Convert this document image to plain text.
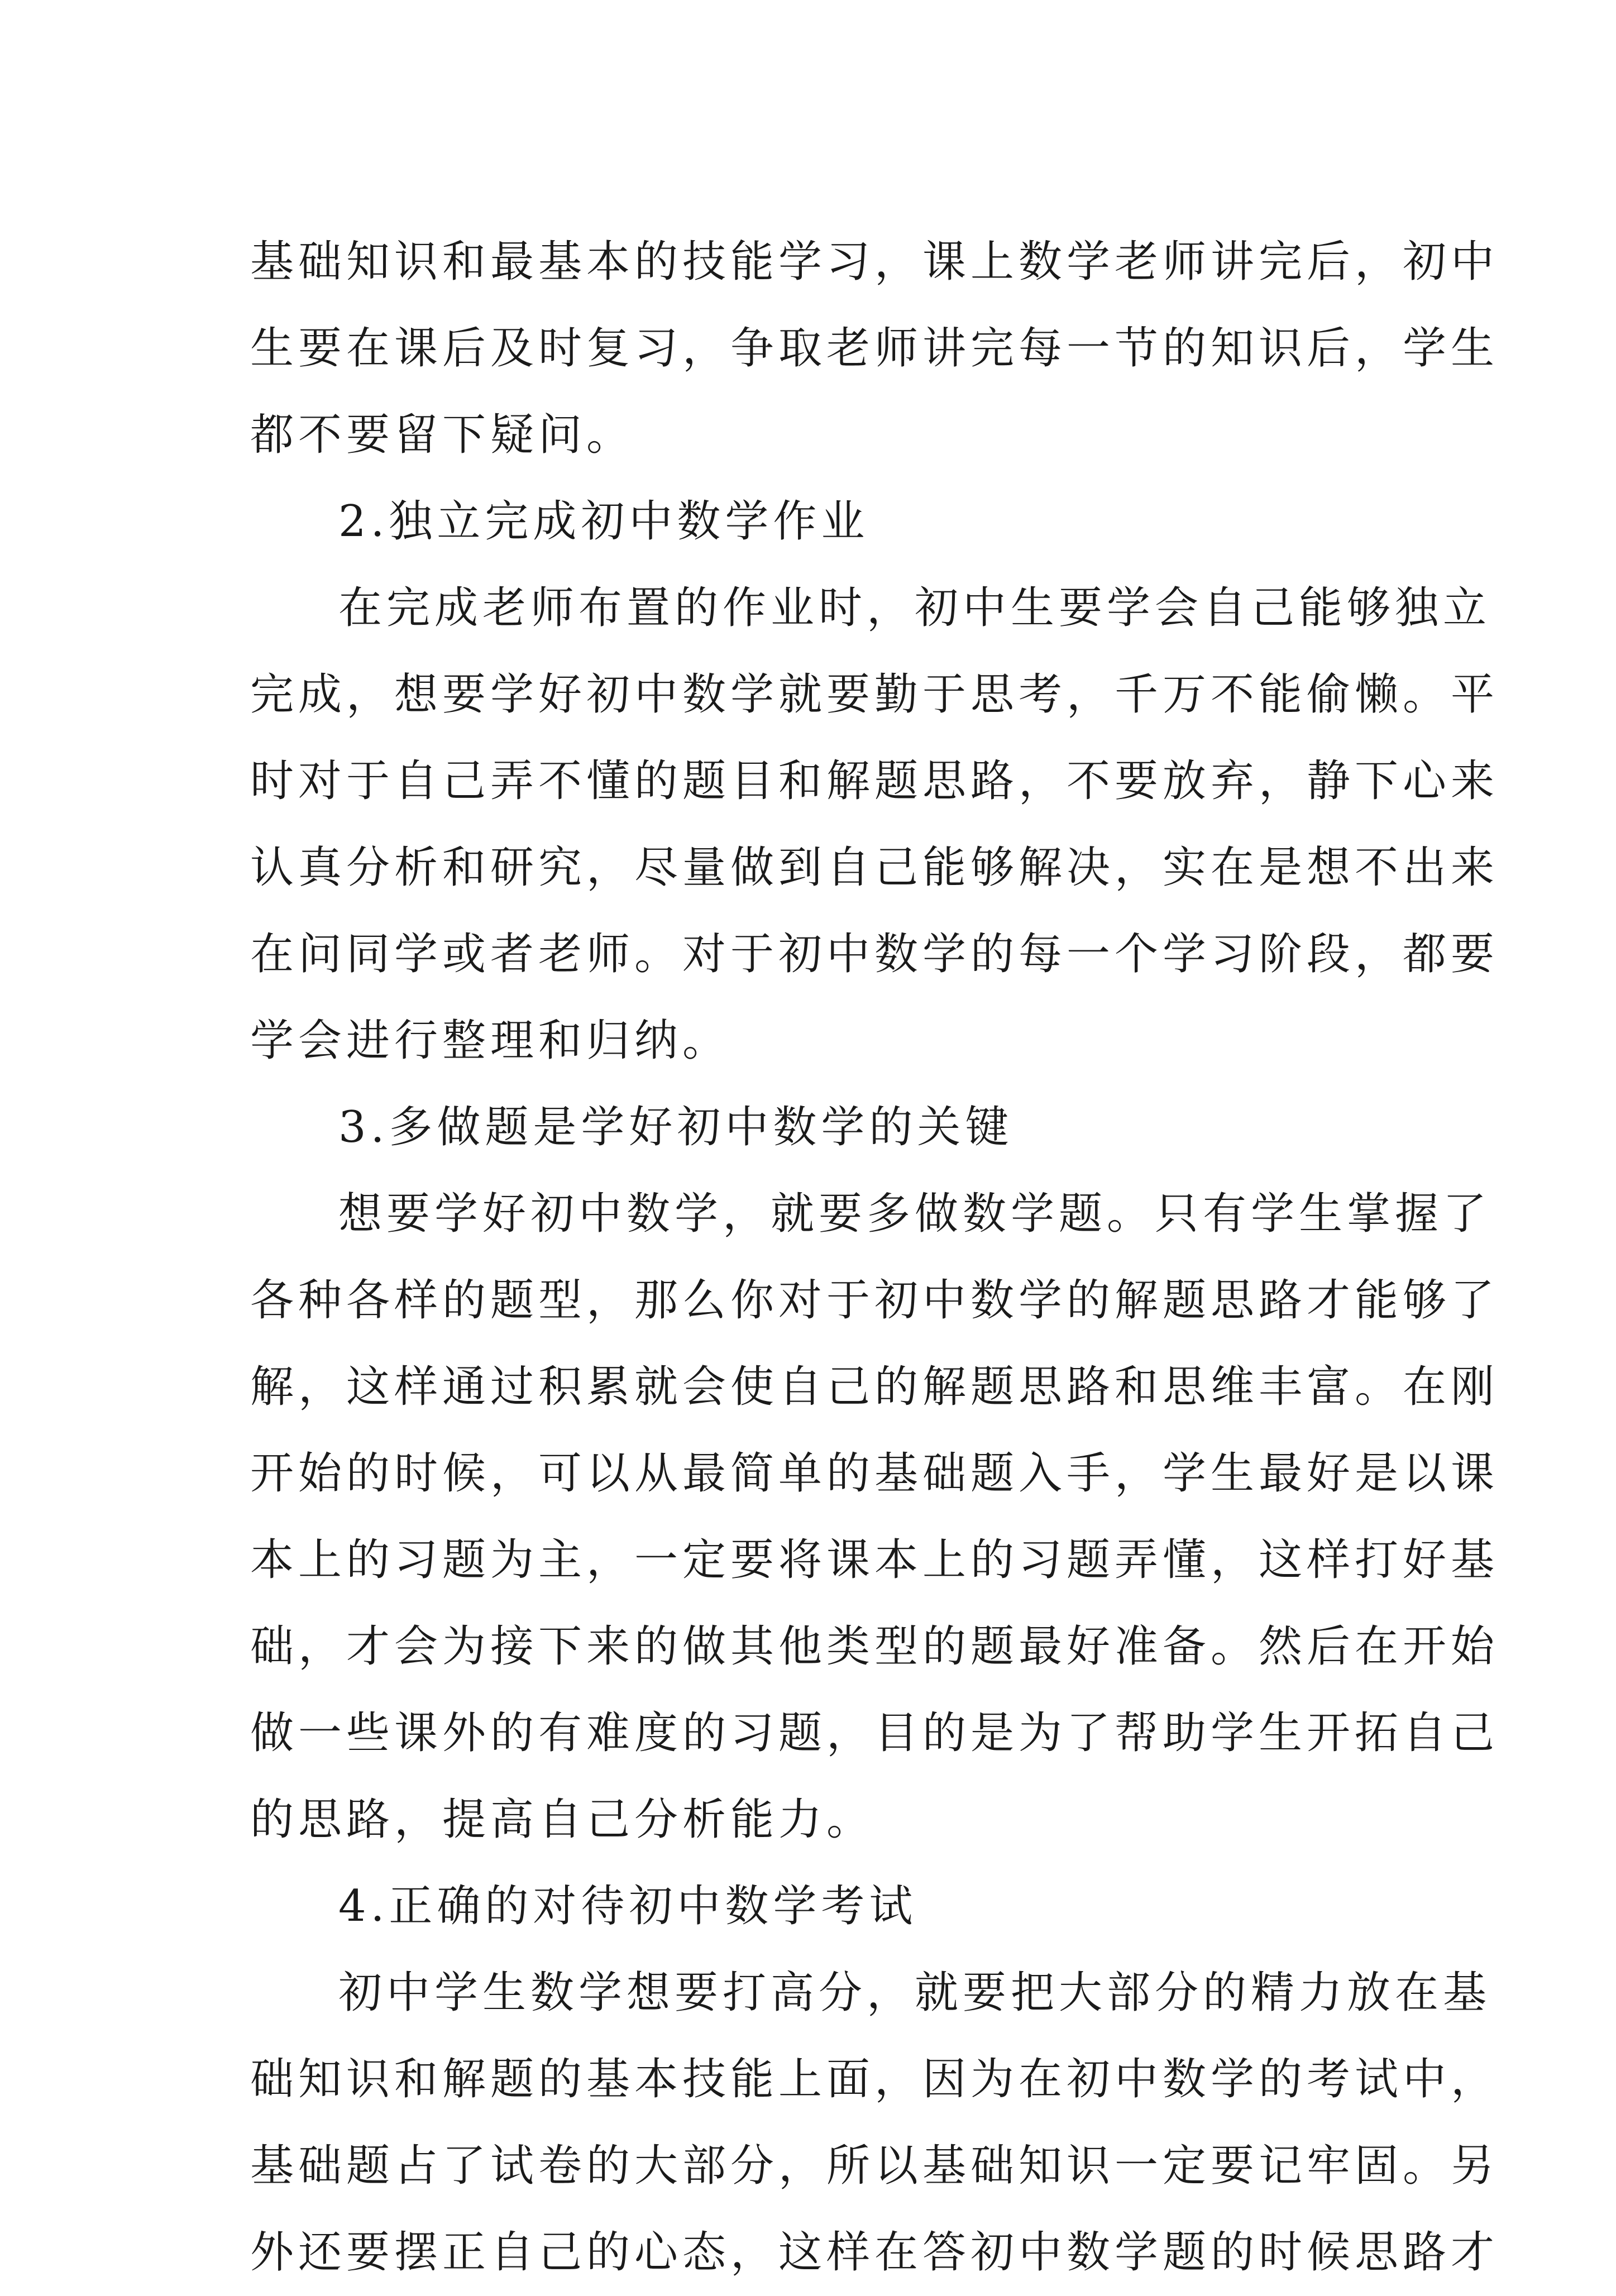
基础知识和最基本的技能学习，课上数学老师讲完后，初中
生要在课后及时复习，争取老师讲完每一节的知识后，学生
都不要留下疑问。
2.独立完成初中数学作业
在完成老师布置的作业时，初中生要学会自己能够独立
完成，想要学好初中数学就要勤于思考，千万不能偷懒。平
时对于自己弄不懂的题目和解题思路，不要放弃，静下心来
认真分析和研究，尽量做到自己能够解决，实在是想不出来
在问同学或者老师。对于初中数学的每一个学习阶段，都要
学会进行整理和归纳。
3.多做题是学好初中数学的关键
想要学好初中数学，就要多做数学题。只有学生掌握了
各种各样的题型，那么你对于初中数学的解题思路才能够了
解，这样通过积累就会使自己的解题思路和思维丰富。在刚
开始的时候，可以从最简单的基础题入手，学生最好是以课
本上的习题为主，一定要将课本上的习题弄懂，这样打好基
础，才会为接下来的做其他类型的题最好准备。然后在开始
做一些课外的有难度的习题，目的是为了帮助学生开拓自己
的思路，提高自己分析能力。
4.正确的对待初中数学考试
初中学生数学想要打高分，就要把大部分的精力放在基
础知识和解题的基本技能上面，因为在初中数学的考试中，
基础题占了试卷的大部分，所以基础知识一定要记牢固。另
外还要摆正自己的心态，这样在答初中数学题的时候思路才
